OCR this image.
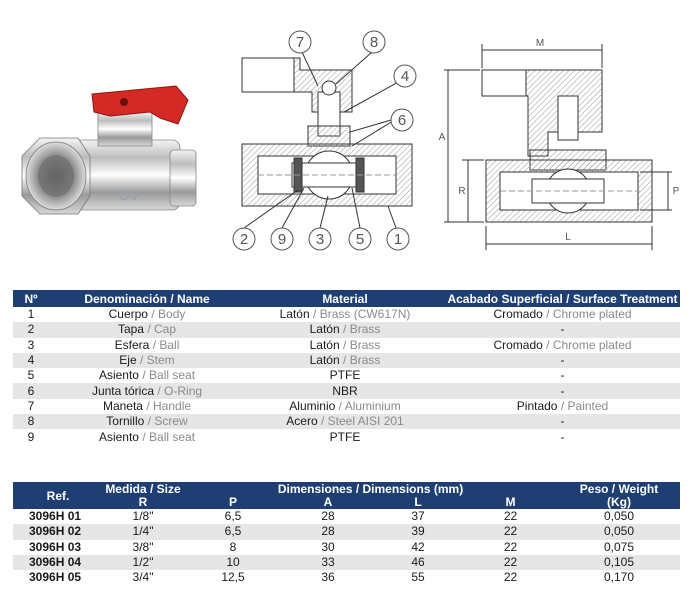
GV
7	8
4
6
2 9 3 5 1
M
A
R	P
L
Nº	Denominación / Name	Material	Acabado Superficial / Surface Treatment
1	Cuerpo / Body	Latón / Brass (CW617N)	Cromado / Chrome plated
2	Tapa / Cap	Latón / Brass	-
3	Esfera / Ball	Latón / Brass	Cromado / Chrome plated
4	Eje / Stem	Latón / Brass	-
5	Asiento / Ball seat	PTFE	-
6	Junta tórica / O-Ring	NBR	-
7	Maneta / Handle	Aluminio / Aluminium	Pintado / Painted
8	Tornillo / Screw	Acero / Steel AISI 201	-
9	Asiento / Ball seat	PTFE	-
Ref.	Medida / Size	Dimensiones / Dimensions (mm)				Peso / Weight
	R	P	A	L	M	(Kg)
3096H 01	1/8"	6,5	28	37	22	0,050
3096H 02	1/4"	6,5	28	39	22	0,050
3096H 03	3/8"	8	30	42	22	0,075
3096H 04	1/2"	10	33	46	22	0,105
3096H 05	3/4"	12,5	36	55	22	0,170
